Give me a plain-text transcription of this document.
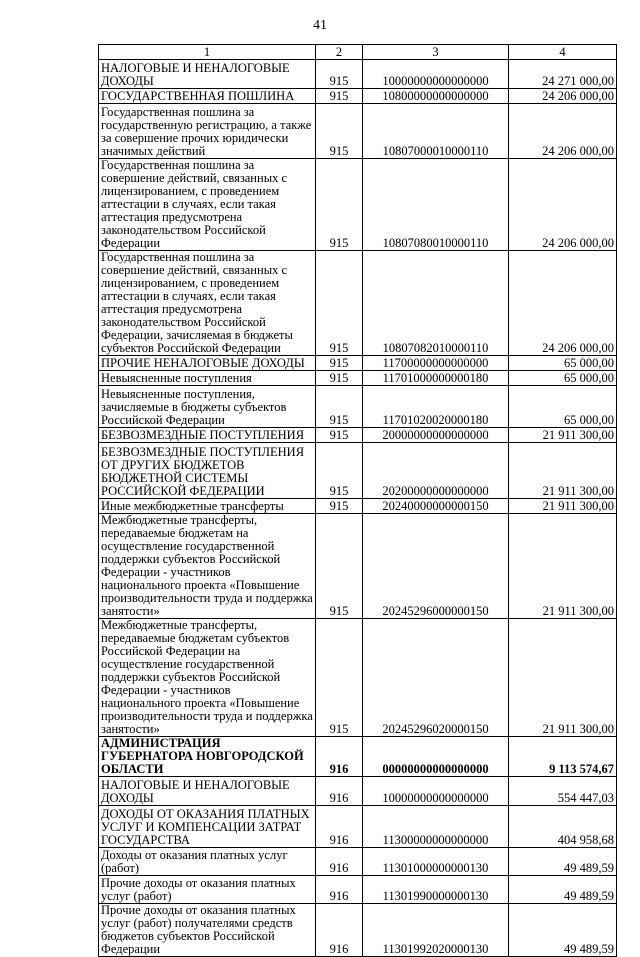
41
1	2	3	4
НАЛОГОВЫЕ И НЕНАЛОГОВЫЕ ДОХОДЫ	915	10000000000000000	24 271 000,00
ГОСУДАРСТВЕННАЯ ПОШЛИНА	915	10800000000000000	24 206 000,00
Государственная пошлина за государственную регистрацию, а также за совершение прочих юридически значимых действий	915	10807000010000110	24 206 000,00
Государственная пошлина за совершение действий, связанных с лицензированием, с проведением аттестации в случаях, если такая аттестация предусмотрена законодательством Российской Федерации	915	10807080010000110	24 206 000,00
Государственная пошлина за совершение действий, связанных с лицензированием, с проведением аттестации в случаях, если такая аттестация предусмотрена законодательством Российской Федерации, зачисляемая в бюджеты субъектов Российской Федерации	915	10807082010000110	24 206 000,00
ПРОЧИЕ НЕНАЛОГОВЫЕ ДОХОДЫ	915	11700000000000000	65 000,00
Невыясненные поступления	915	11701000000000180	65 000,00
Невыясненные поступления, зачисляемые в бюджеты субъектов Российской Федерации	915	11701020020000180	65 000,00
БЕЗВОЗМЕЗДНЫЕ ПОСТУПЛЕНИЯ	915	20000000000000000	21 911 300,00
БЕЗВОЗМЕЗДНЫЕ ПОСТУПЛЕНИЯ ОТ ДРУГИХ БЮДЖЕТОВ БЮДЖЕТНОЙ СИСТЕМЫ РОССИЙСКОЙ ФЕДЕРАЦИИ	915	20200000000000000	21 911 300,00
Иные межбюджетные трансферты	915	20240000000000150	21 911 300,00
Межбюджетные трансферты, передаваемые бюджетам на осуществление государственной поддержки субъектов Российской Федерации - участников национального проекта «Повышение производительности труда и поддержка занятости»	915	20245296000000150	21 911 300,00
Межбюджетные трансферты, передаваемые бюджетам субъектов Российской Федерации на осуществление государственной поддержки субъектов Российской Федерации - участников национального проекта «Повышение производительности труда и поддержка занятости»	915	20245296020000150	21 911 300,00
АДМИНИСТРАЦИЯ ГУБЕРНАТОРА НОВГОРОДСКОЙ ОБЛАСТИ	916	00000000000000000	9 113 574,67
НАЛОГОВЫЕ И НЕНАЛОГОВЫЕ ДОХОДЫ	916	10000000000000000	554 447,03
ДОХОДЫ ОТ ОКАЗАНИЯ ПЛАТНЫХ УСЛУГ И КОМПЕНСАЦИИ ЗАТРАТ ГОСУДАРСТВА	916	11300000000000000	404 958,68
Доходы от оказания платных услуг (работ)	916	11301000000000130	49 489,59
Прочие доходы от оказания платных услуг (работ)	916	11301990000000130	49 489,59
Прочие доходы от оказания платных услуг (работ) получателями средств бюджетов субъектов Российской Федерации	916	11301992020000130	49 489,59
